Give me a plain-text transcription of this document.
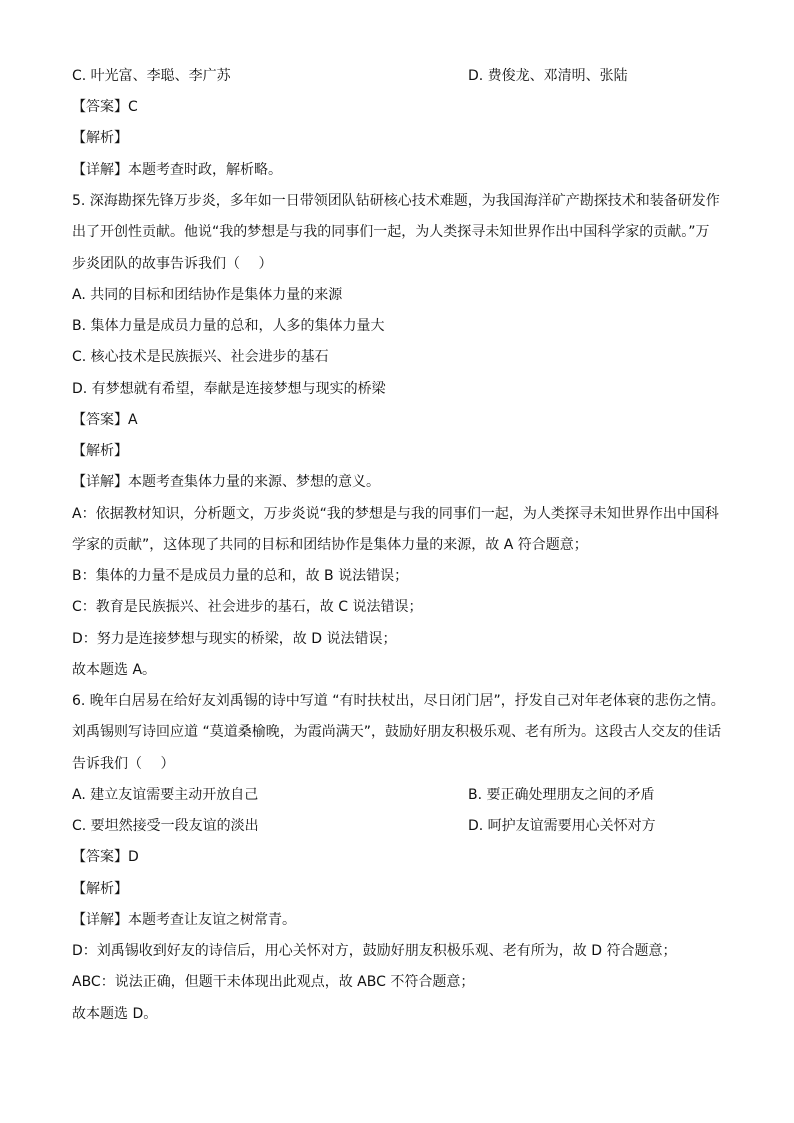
C. 叶光富、李聪、李广苏	D. 费俊龙、邓清明、张陆
【答案】C
【解析】
【详解】本题考查时政，解析略。
5. 深海勘探先锋万步炎，多年如一日带领团队钻研核心技术难题，为我国海洋矿产勘探技术和装备研发作
出了开创性贡献。他说“我的梦想是与我的同事们一起，为人类探寻未知世界作出中国科学家的贡献。”万
步炎团队的故事告诉我们（　 ）
A. 共同的目标和团结协作是集体力量的来源
B. 集体力量是成员力量的总和，人多的集体力量大
C. 核心技术是民族振兴、社会进步的基石
D. 有梦想就有希望，奉献是连接梦想与现实的桥梁
【答案】A
【解析】
【详解】本题考查集体力量的来源、梦想的意义。
A：依据教材知识，分析题文，万步炎说“我的梦想是与我的同事们一起，为人类探寻未知世界作出中国科
学家的贡献”，这体现了共同的目标和团结协作是集体力量的来源，故 A 符合题意；
B：集体的力量不是成员力量的总和，故 B 说法错误；
C：教育是民族振兴、社会进步的基石，故 C 说法错误；
D：努力是连接梦想与现实的桥梁，故 D 说法错误；
故本题选 A。
6. 晚年白居易在给好友刘禹锡的诗中写道 “有时扶杖出，尽日闭门居”，抒发自己对年老体衰的悲伤之情。
刘禹锡则写诗回应道 “莫道桑榆晚，为霞尚满天”，鼓励好朋友积极乐观、老有所为。这段古人交友的佳话
告诉我们（　 ）
A. 建立友谊需要主动开放自己	B. 要正确处理朋友之间的矛盾
C. 要坦然接受一段友谊的淡出	D. 呵护友谊需要用心关怀对方
【答案】D
【解析】
【详解】本题考查让友谊之树常青。
D：刘禹锡收到好友的诗信后，用心关怀对方，鼓励好朋友积极乐观、老有所为，故 D 符合题意；
ABC：说法正确，但题干未体现出此观点，故 ABC 不符合题意；
故本题选 D。
